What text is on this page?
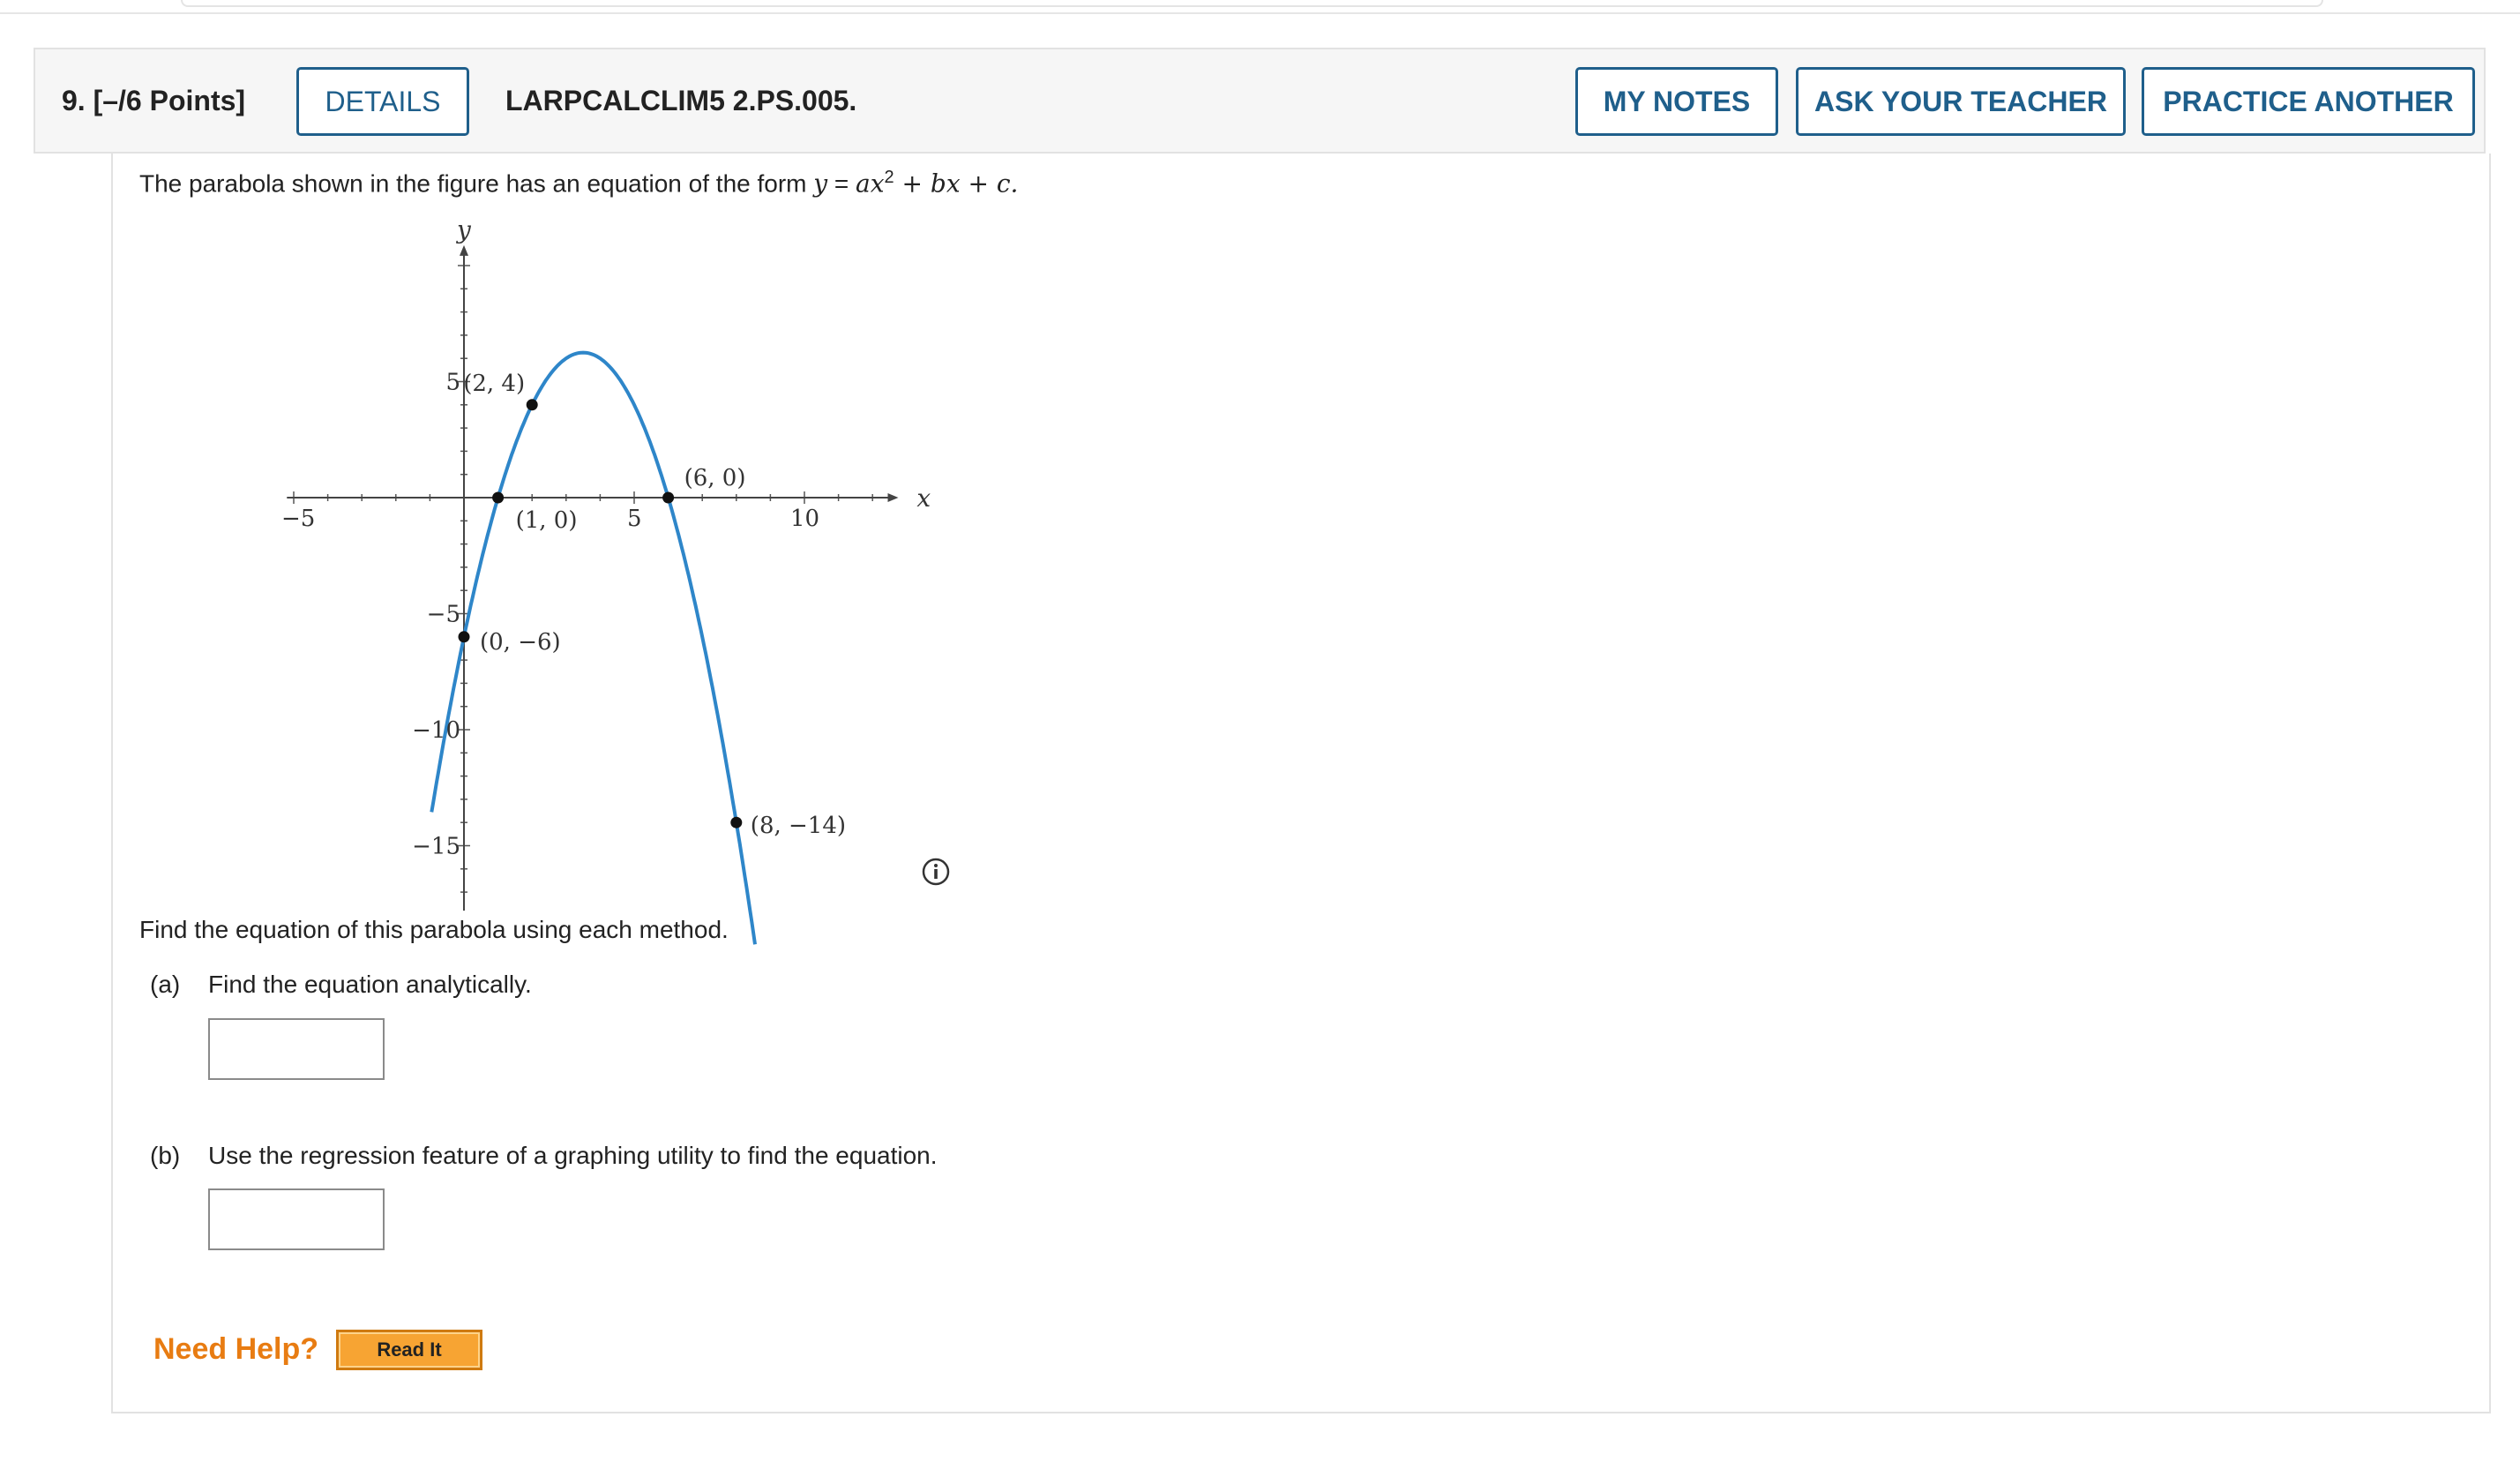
9. [–/6 Points]	DETAILS	LARPCALCLIM5 2.PS.005.	MY NOTES	ASK YOUR TEACHER	PRACTICE ANOTHER
The parabola shown in the figure has an equation of the form $y = ax^2$ + bx + c.
−5	5	10
5
−5
−10
−15
(2, 4)
(1, 0)
(6, 0)
(0, −6)
(8, −14)
x
y
Find the equation of this parabola using each method.
(a) Find the equation analytically.
(b) Use the regression feature of a graphing utility to find the equation.
Need Help?	Read It
